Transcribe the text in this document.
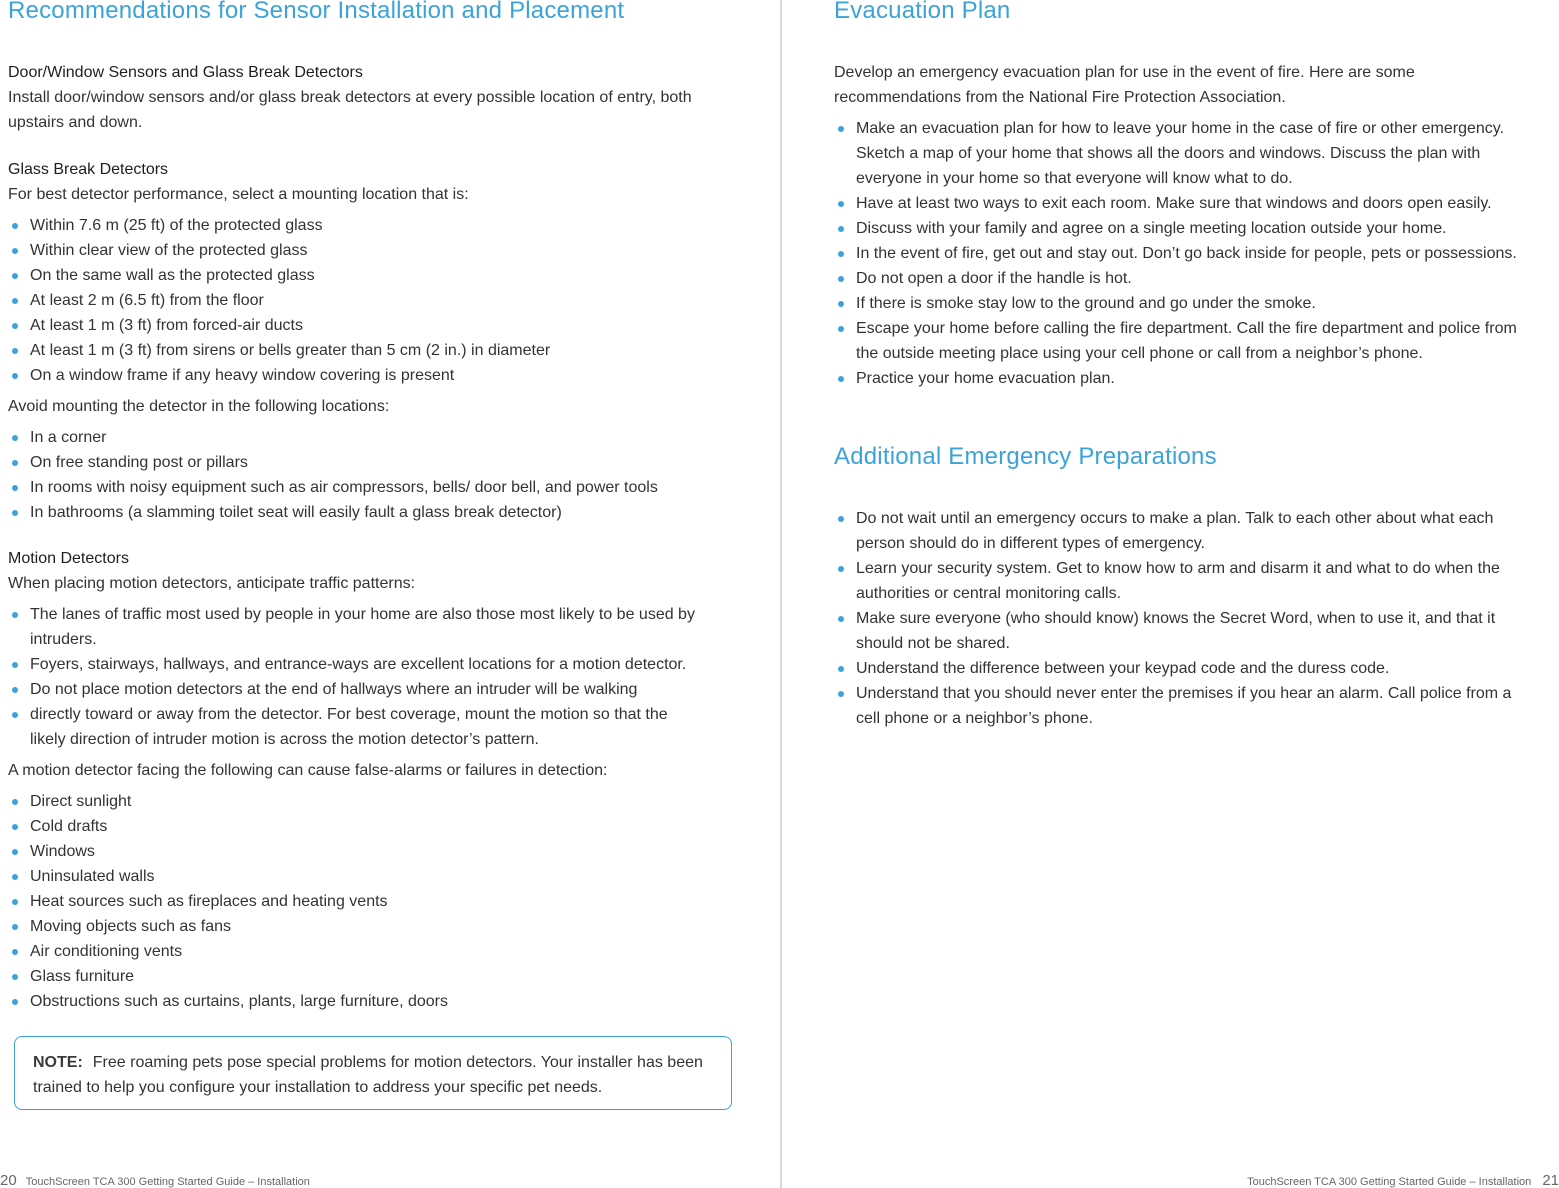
Recommendations for Sensor Installation and Placement
Door/Window Sensors and Glass Break Detectors
Install door/window sensors and/or glass break detectors at every possible location of entry, both upstairs and down.
Glass Break Detectors
For best detector performance, select a mounting location that is:
Within 7.6 m (25 ft) of the protected glass
Within clear view of the protected glass
On the same wall as the protected glass
At least 2 m (6.5 ft) from the floor
At least 1 m (3 ft) from forced-air ducts
At least 1 m (3 ft) from sirens or bells greater than 5 cm (2 in.) in diameter
On a window frame if any heavy window covering is present
Avoid mounting the detector in the following locations:
In a corner
On free standing post or pillars
In rooms with noisy equipment such as air compressors, bells/ door bell, and power tools
In bathrooms (a slamming toilet seat will easily fault a glass break detector)
Motion Detectors
When placing motion detectors, anticipate traffic patterns:
The lanes of traffic most used by people in your home are also those most likely to be used by intruders.
Foyers, stairways, hallways, and entrance-ways are excellent locations for a motion detector.
Do not place motion detectors at the end of hallways where an intruder will be walking
directly toward or away from the detector. For best coverage, mount the motion so that the likely direction of intruder motion is across the motion detector’s pattern.
A motion detector facing the following can cause false-alarms or failures in detection:
Direct sunlight
Cold drafts
Windows
Uninsulated walls
Heat sources such as fireplaces and heating vents
Moving objects such as fans
Air conditioning vents
Glass furniture
Obstructions such as curtains, plants, large furniture, doors
NOTE: Free roaming pets pose special problems for motion detectors. Your installer has been trained to help you configure your installation to address your specific pet needs.
20 TouchScreen TCA 300 Getting Started Guide – Installation
Evacuation Plan
Develop an emergency evacuation plan for use in the event of fire. Here are some recommendations from the National Fire Protection Association.
Make an evacuation plan for how to leave your home in the case of fire or other emergency. Sketch a map of your home that shows all the doors and windows. Discuss the plan with everyone in your home so that everyone will know what to do.
Have at least two ways to exit each room. Make sure that windows and doors open easily.
Discuss with your family and agree on a single meeting location outside your home.
In the event of fire, get out and stay out. Don’t go back inside for people, pets or possessions.
Do not open a door if the handle is hot.
If there is smoke stay low to the ground and go under the smoke.
Escape your home before calling the fire department. Call the fire department and police from the outside meeting place using your cell phone or call from a neighbor’s phone.
Practice your home evacuation plan.
Additional Emergency Preparations
Do not wait until an emergency occurs to make a plan. Talk to each other about what each person should do in different types of emergency.
Learn your security system. Get to know how to arm and disarm it and what to do when the authorities or central monitoring calls.
Make sure everyone (who should know) knows the Secret Word, when to use it, and that it should not be shared.
Understand the difference between your keypad code and the duress code.
Understand that you should never enter the premises if you hear an alarm. Call police from a cell phone or a neighbor’s phone.
TouchScreen TCA 300 Getting Started Guide – Installation 21
